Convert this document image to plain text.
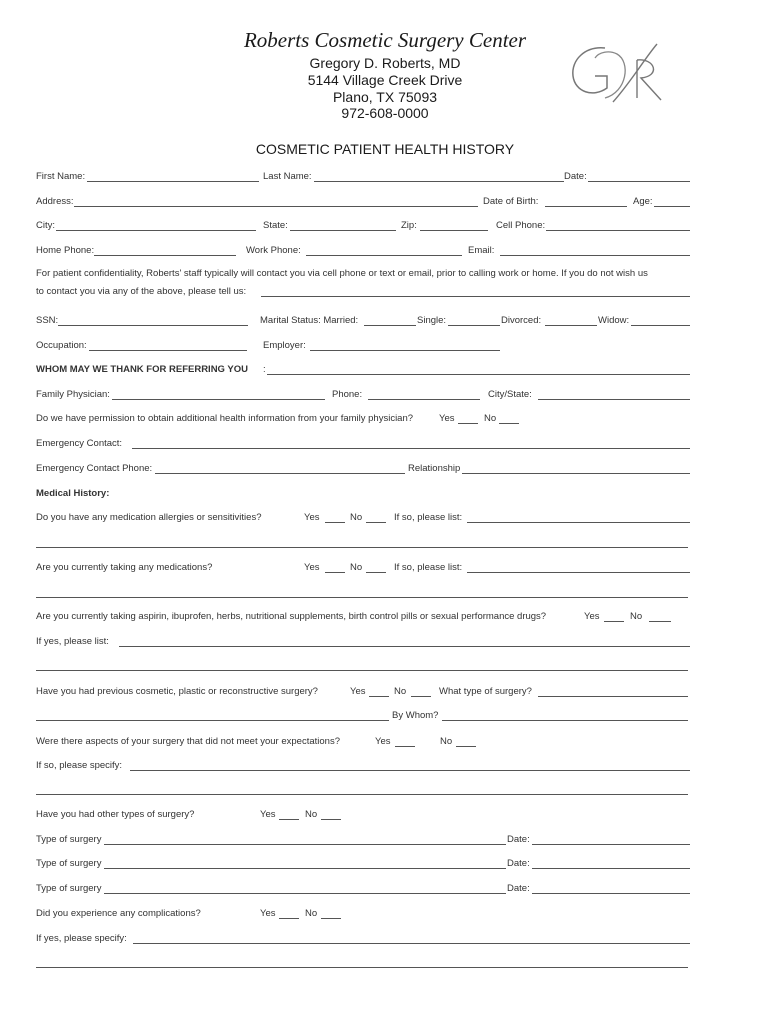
Roberts Cosmetic Surgery Center
Gregory D. Roberts, MD
5144 Village Creek Drive
Plano, TX 75093
972-608-0000
COSMETIC PATIENT HEALTH HISTORY
First Name:	Last Name:	Date:
Address:	Date of Birth:	Age:
City:	State:	Zip:	Cell Phone:
Home Phone:	Work Phone:	Email:
For patient confidentiality, Roberts' staff typically will contact you via cell phone or text or email, prior to calling work or home. If you do not wish us
to contact you via any of the above, please tell us:
SSN:	Marital Status: Married:	Single:	Divorced:	Widow:
Occupation:	Employer:
WHOM MAY WE THANK FOR REFERRING YOU :
Family Physician:	Phone:	City/State:
Do we have permission to obtain additional health information from your family physician?	Yes	No
Emergency Contact:
Emergency Contact Phone:	Relationship
Medical History:
Do you have any medication allergies or sensitivities?	Yes	No	If so, please list:
Are you currently taking any medications?	Yes	No	If so, please list:
Are you currently taking aspirin, ibuprofen, herbs, nutritional supplements, birth control pills or sexual performance drugs?	Yes	No
If yes, please list:
Have you had previous cosmetic, plastic or reconstructive surgery?	Yes	No	What type of surgery?
By Whom?
Were there aspects of your surgery that did not meet your expectations?	Yes	No
If so, please specify:
Have you had other types of surgery?	Yes	No
Type of surgery	Date:
Type of surgery	Date:
Type of surgery	Date:
Did you experience any complications?	Yes	No
If yes, please specify:
